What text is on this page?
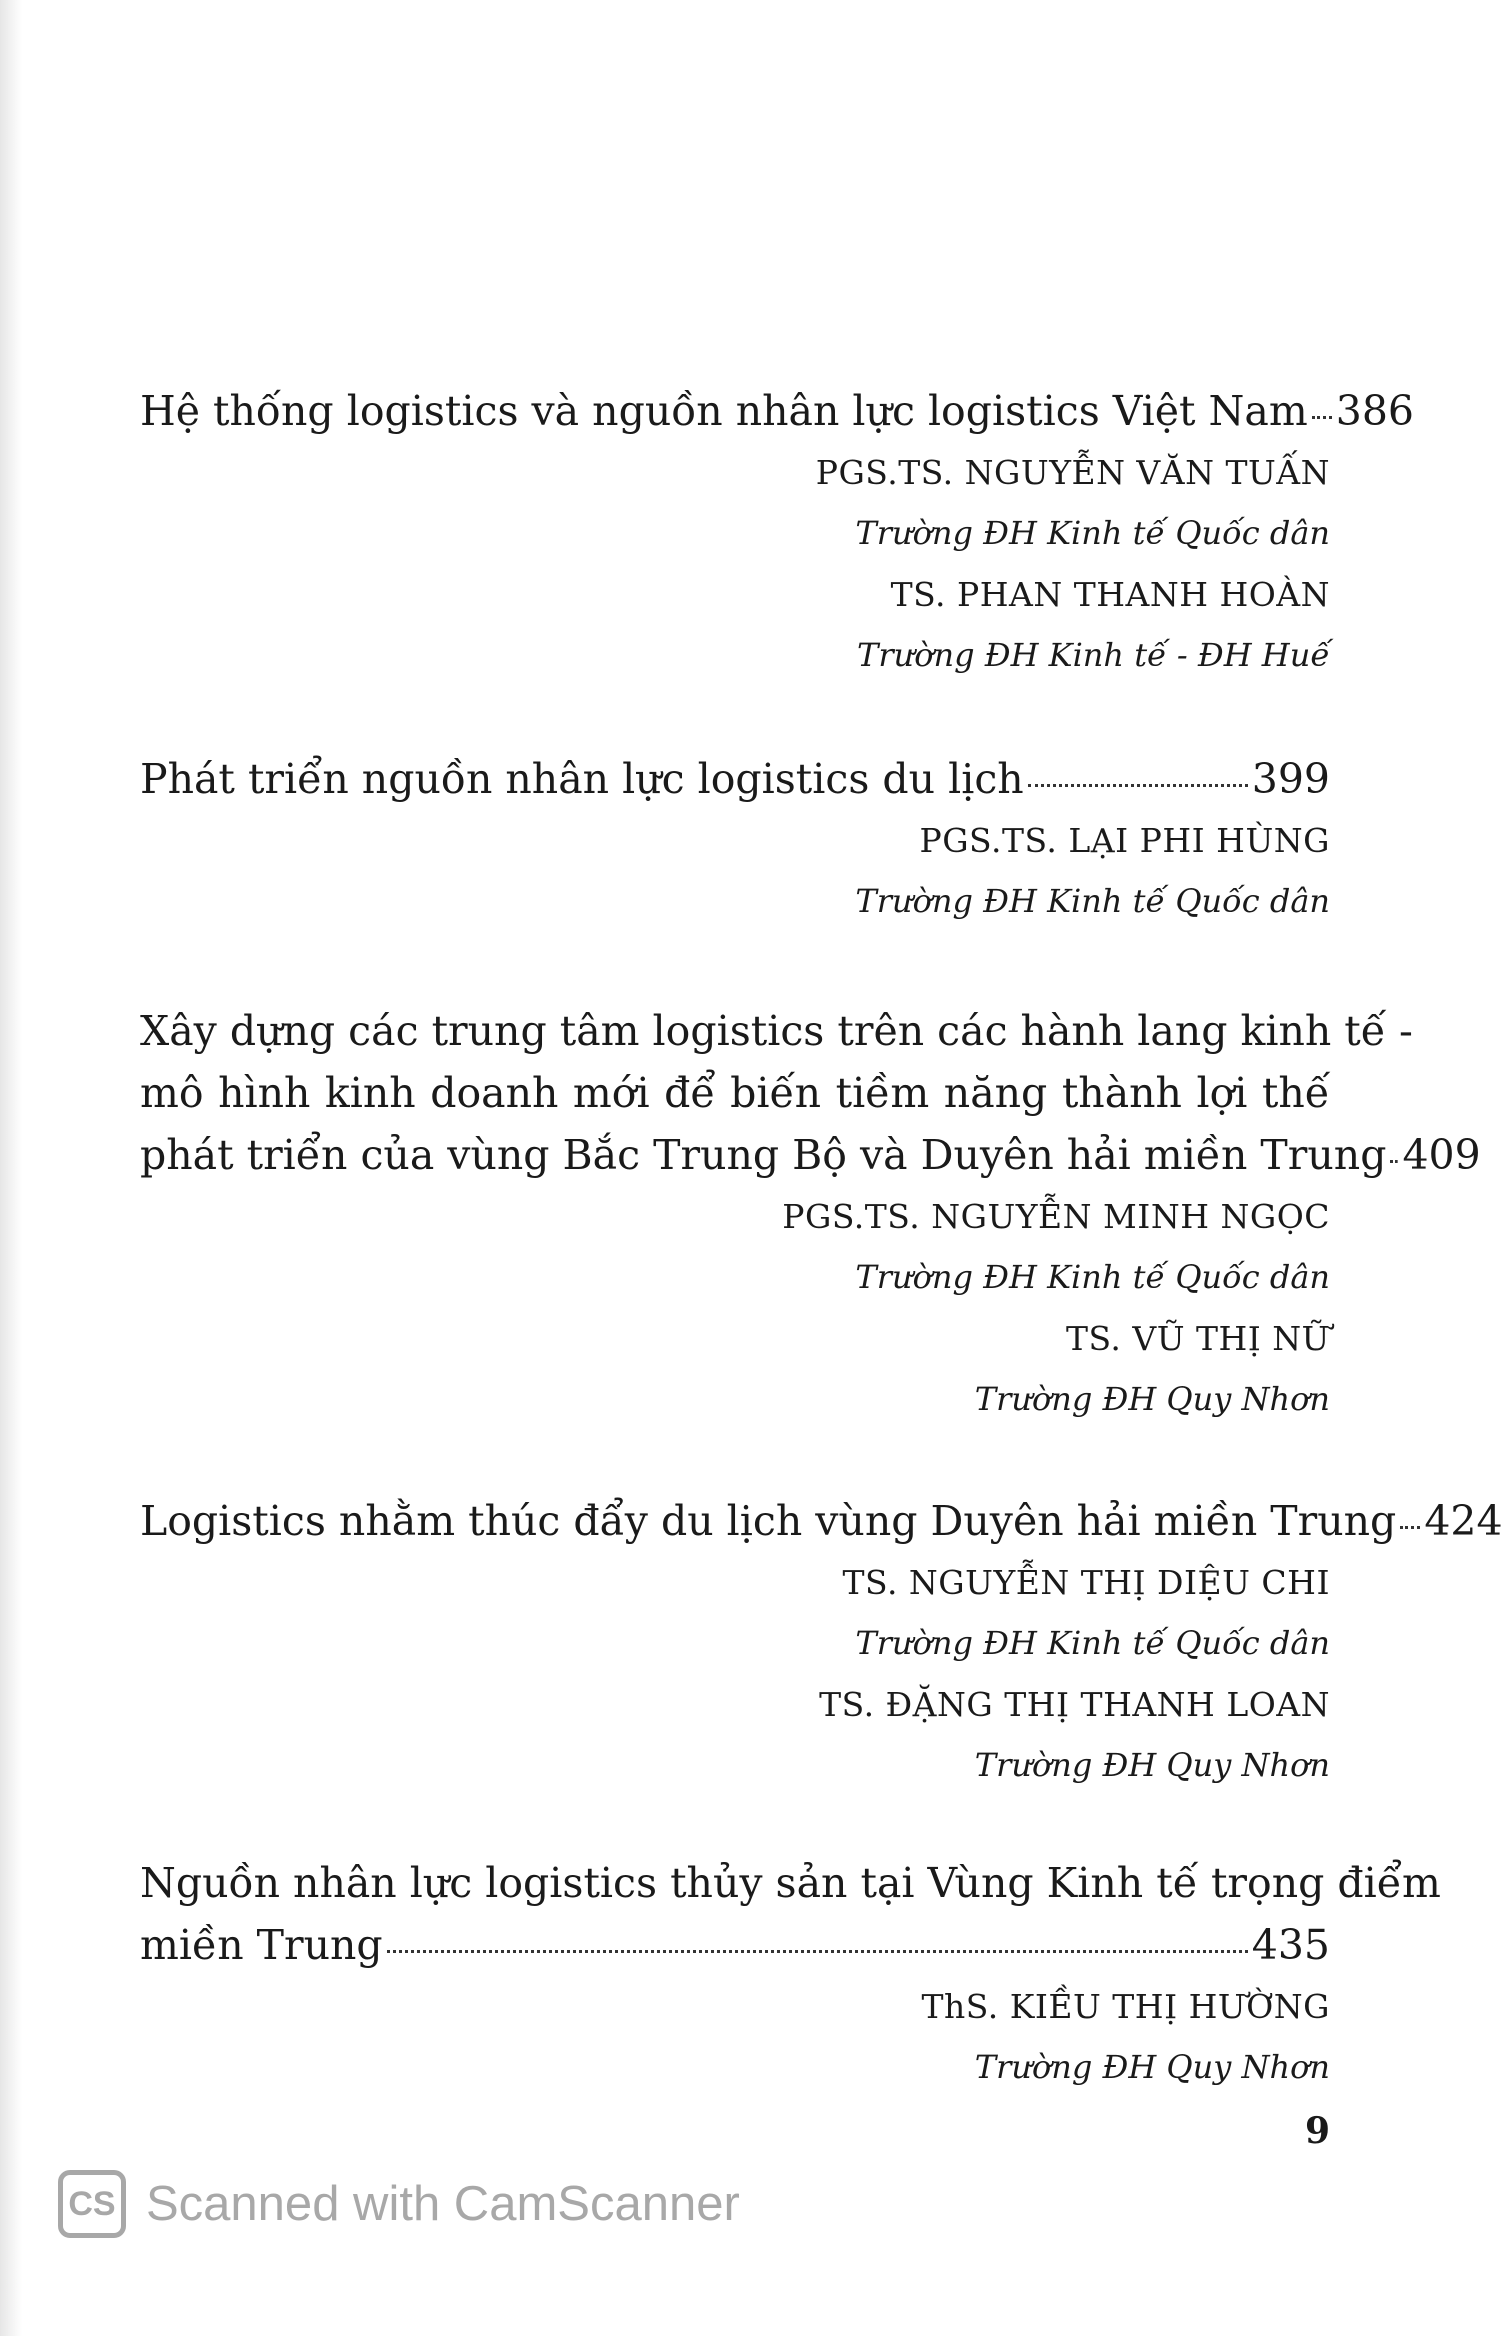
Hệ thống logistics và nguồn nhân lực logistics Việt Nam 386
PGS.TS. NGUYỄN VĂN TUẤN
Trường ĐH Kinh tế Quốc dân
TS. PHAN THANH HOÀN
Trường ĐH Kinh tế - ĐH Huế
Phát triển nguồn nhân lực logistics du lịch	399
PGS.TS. LẠI PHI HÙNG
Trường ĐH Kinh tế Quốc dân
Xây dựng các trung tâm logistics trên các hành lang kinh tế -
mô hình kinh doanh mới để biến tiềm năng thành lợi thế
phát triển của vùng Bắc Trung Bộ và Duyên hải miền Trung 409
PGS.TS. NGUYỄN MINH NGỌC
Trường ĐH Kinh tế Quốc dân
TS. VŨ THỊ NỮ
Trường ĐH Quy Nhơn
Logistics nhằm thúc đẩy du lịch vùng Duyên hải miền Trung 424
TS. NGUYỄN THỊ DIỆU CHI
Trường ĐH Kinh tế Quốc dân
TS. ĐẶNG THỊ THANH LOAN
Trường ĐH Quy Nhơn
Nguồn nhân lực logistics thủy sản tại Vùng Kinh tế trọng điểm
miền Trung	435
ThS. KIỀU THỊ HƯỜNG
Trường ĐH Quy Nhơn
9
CS Scanned with CamScanner
